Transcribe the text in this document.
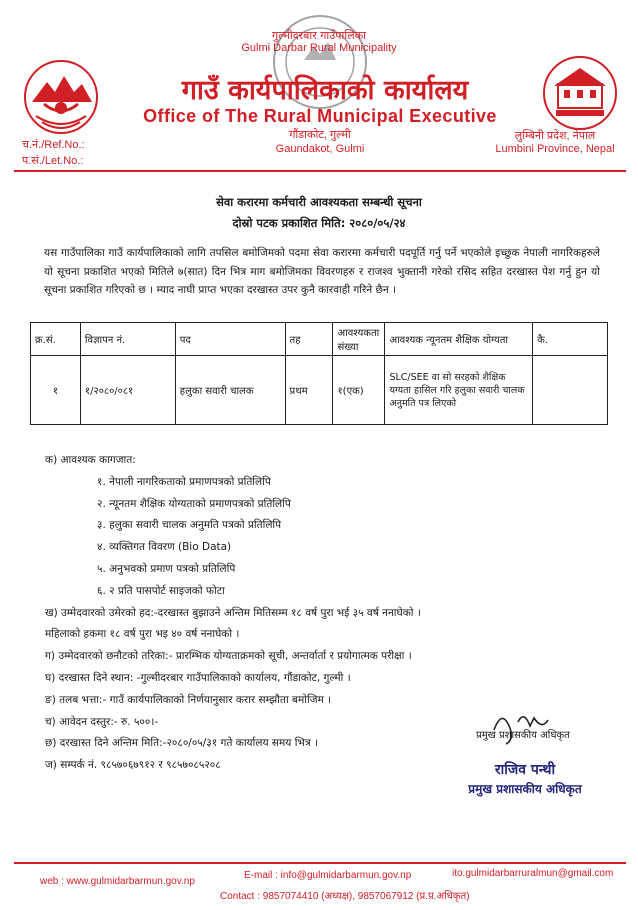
गुल्मीदरबार गाउँपालिका
Gulmi Darbar Rural Municipality
गाउँ कार्यपालिकाको कार्यालय
Office of The Rural Municipal Executive
गौंडाकोट, गुल्मी
Gaundakot, Gulmi
लुम्बिनी प्रदेश, नेपाल
Lumbini Province, Nepal
च.नं./Ref.No.:
प.सं./Let.No.:
सेवा करारमा कर्मचारी आवश्यकता सम्बन्धी सूचना
दोस्रो पटक प्रकाशित मिति: २०८०/०५/२४
यस गाउँपालिका गाउँ कार्यपालिकाको लागि तपसिल बमोजिमको पदमा सेवा करारमा कर्मचारी पदपूर्ति गर्नु पर्ने भएकोले इच्छुक नेपाली नागरिकहरुले यो सूचना प्रकाशित भएको मितिले ७(सात) दिन भित्र माग बमोजिमका विवरणहरु र राजश्व भुक्तानी गरेको रसिद सहित दरखास्त पेश गर्नु हुन यो सूचना प्रकाशित गरिएको छ । म्याद नाघी प्राप्त भएका दरखास्त उपर कुनै कारवाही गरिने छैन ।
क्र.सं.	विज्ञापन नं.	पद	तह	आवश्यकता संख्या	आवश्यक न्यूनतम शैक्षिक योग्यता	कै.
१	१/२०८०/०८१	हलुका सवारी चालक	प्रथम	१(एक)	SLC/SEE वा सो सरहको शैक्षिक यग्यता हासिल गरि हलुका सवारी चालक अनुमति पत्र लिएको	
क) आवश्यक कागजात:
१. नेपाली नागरिकताको प्रमाणपत्रको प्रतिलिपि
२. न्यूनतम शैक्षिक योग्यताको प्रमाणपत्रको प्रतिलिपि
३. हलुका सवारी चालक अनुमति पत्रको प्रतिलिपि
४. व्यक्तिगत विवरण (Bio Data)
५. अनुभवको प्रमाण पत्रको प्रतिलिपि
६. २ प्रति पासपोर्ट साइजको फोटा
ख) उम्मेदवारको उमेरको हद:-दरखास्त बुझाउने अन्तिम मितिसम्म १८ वर्ष पुरा भई ३५ वर्ष ननाघेको ।
महिलाको हकमा १८ वर्ष पुरा भइ ४० वर्ष ननाघेको ।
ग) उम्मेदवारको छनौटको तरिका:- प्रारम्भिक योग्यताक्रमको सूची, अन्तर्वार्ता र प्रयोगात्मक परीक्षा ।
घ) दरखास्त दिने स्थान: -गुल्मीदरबार गाउँपालिकाको कार्यालय, गौंडाकोट, गुल्मी ।
ङ) तलब भत्ता:- गाउँ कार्यपालिकाको निर्णयानुसार करार सम्झौता बमोजिम ।
च) आवेदन दस्तुर:- रु. ५००।-
छ) दरखास्त दिने अन्तिम मिति:-२०८०/०५/३१ गते कार्यालय समय भित्र ।
ज) सम्पर्क नं. ९८५७०६७९१२ र ९८५७०८५२०८
प्रमुख प्रशासकीय अधिकृत
राजिव पन्थी
प्रमुख प्रशासकीय अधिकृत
web : www.gulmidarbarmun.gov.np
E-mail : info@gulmidarbarmun.gov.np	ito.gulmidarbarruralmun@gmail.com
Contact : 9857074410 (अध्यक्ष), 9857067912 (प्र.प्र.अधिकृत)
